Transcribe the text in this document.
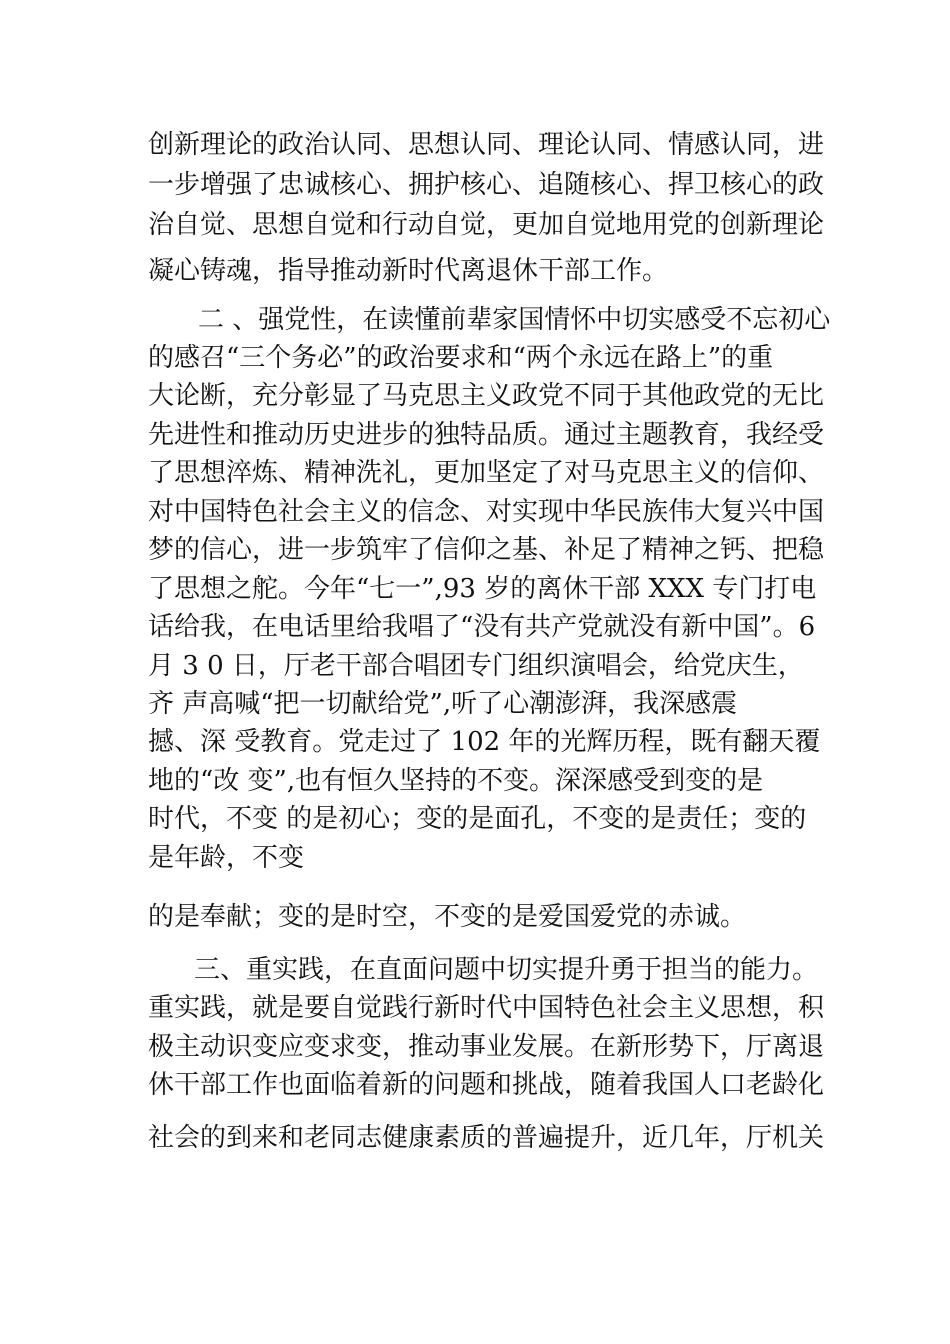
创新理论的政治认同、思想认同、理论认同、情感认同，进
一步增强了忠诚核心、拥护核心、追随核心、捍卫核心的政
治自觉、思想自觉和行动自觉，更加自觉地用党的创新理论
凝心铸魂，指导推动新时代离退休干部工作。
二 、强党性，在读懂前辈家国情怀中切实感受不忘初心
的感召“三个务必”的政治要求和“两个永远在路上”的重
大论断，充分彰显了马克思主义政党不同于其他政党的无比
先进性和推动历史进步的独特品质。通过主题教育，我经受
了思想淬炼、精神洗礼，更加坚定了对马克思主义的信仰、
对中国特色社会主义的信念、对实现中华民族伟大复兴中国
梦的信心，进一步筑牢了信仰之基、补足了精神之钙、把稳
了思想之舵。今年“七一”,93 岁的离休干部 XXX 专门打电
话给我，在电话里给我唱了“没有共产党就没有新中国”。6
月 3 0 日，厅老干部合唱团专门组织演唱会，给党庆生，
齐 声高喊“把一切献给党”,听了心潮澎湃，我深感震
撼、深 受教育。党走过了 102 年的光辉历程，既有翻天覆
地的“改 变”,也有恒久坚持的不变。深深感受到变的是
时代，不变 的是初心；变的是面孔，不变的是责任；变的
是年龄，不变
的是奉献；变的是时空，不变的是爱国爱党的赤诚。
三、重实践，在直面问题中切实提升勇于担当的能力。
重实践，就是要自觉践行新时代中国特色社会主义思想，积
极主动识变应变求变，推动事业发展。在新形势下，厅离退
休干部工作也面临着新的问题和挑战，随着我国人口老龄化
社会的到来和老同志健康素质的普遍提升，近几年，厅机关
